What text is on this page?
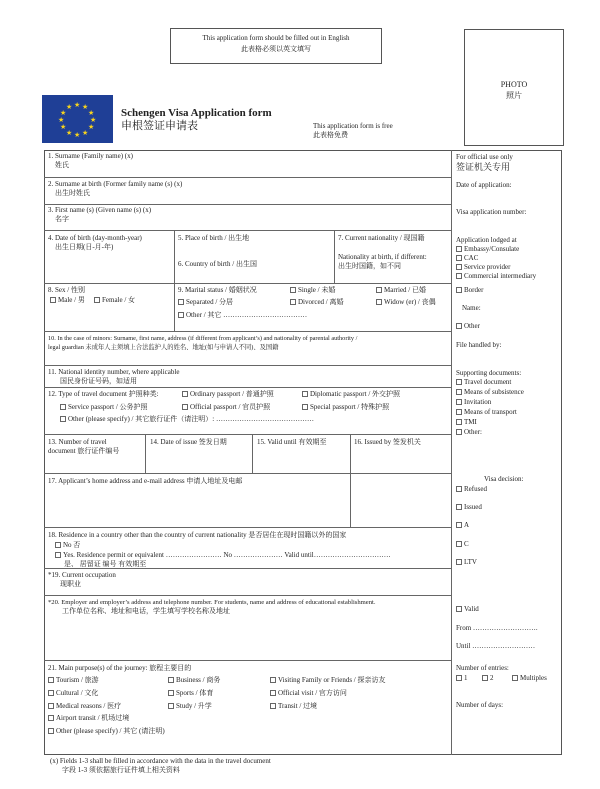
This application form should be filled out in English
此表格必须以英文填写
PHOTO
照片
★ ★
★
★
★
★
★
★
★
★
★
★	Schengen Visa Application form
申根签证申请表	This application form is free
此表格免费
1. Surname (Family name) (x)
姓氏
2. Surname at birth (Former family name (s) (x)
出生时姓氏
3. First name (s) (Given name (s) (x)
名字
4. Date of birth (day-month-year)
出生日期(日-月-年)
5. Place of birth / 出生地
6. Country of birth / 出生国
7. Current nationality / 现国籍
Nationality at birth, if different:
出生时国籍，如不同
8. Sex / 性别
Male / 男	Female / 女
9. Marital status / 婚姻状况	Single / 未婚	Married / 已婚
Separated / 分居	Divorced / 离婚	Widow (er) / 丧偶
Other / 其它 ………………………………
10. In the case of minors: Surname, first name, address (if different from applicant’s) and nationality of parental authority /
legal guardian 未成年人主须填上合法监护人的姓名、地址(如与申请人不同)、及国籍
11. National identity number, where applicable
国民身份证号码，如适用
12. Type of travel document 护照种类:	Ordinary passport / 普通护照	Diplomatic passport / 外交护照
Service passport / 公务护照	Official passport / 官员护照	Special passport / 特殊护照
Other (please specify) / 其它旅行证件（请注明）: ……………………………………
13. Number of travel
document 旅行证件编号
14. Date of issue 签发日期	15. Valid until 有效期至	16. Issued by 签发机关
17. Applicant’s home address and e-mail address 申请人地址及电邮
18. Residence in a country other than the country of current nationality 是否居住在现时国籍以外的国家
No 否
Yes. Residence permit or equivalent …………………… No ………………… Valid until……………………………
是、 居留证 编号 有效期至
*19. Current occupation
现职业
*20. Employer and employer’s address and telephone number. For students, name and address of educational establishment.
工作单位名称、地址和电话，学生填写学校名称及地址
21. Main purpose(s) of the journey: 旅程主要目的
Tourism / 旅游	Business / 商务	Visiting Family or Friends / 探亲访友
Cultural / 文化	Sports / 体育	Official visit / 官方访问
Medical reasons / 医疗	Study / 升学	Transit / 过境
Airport transit / 机场过境
Other (please specify) / 其它 (请注明)
For official use only
签证机关专用
Date of application:
Visa application number:
Application lodged at
Embassy/Consulate
CAC
Service provider
Commercial intermediary
Border
Name:
Other
File handled by:
Supporting documents:
Travel document
Means of subsistence
Invitation
Means of transport
TMI
Other:
Visa decision:
Refused
Issued
A
C
LTV
Valid
From ……………………….
Until ………………………
Number of entries:
1	2	Multiples
Number of days:
(x) Fields 1-3 shall be filled in accordance with the data in the travel document
字段 1-3 须依据旅行证件填上相关资料
